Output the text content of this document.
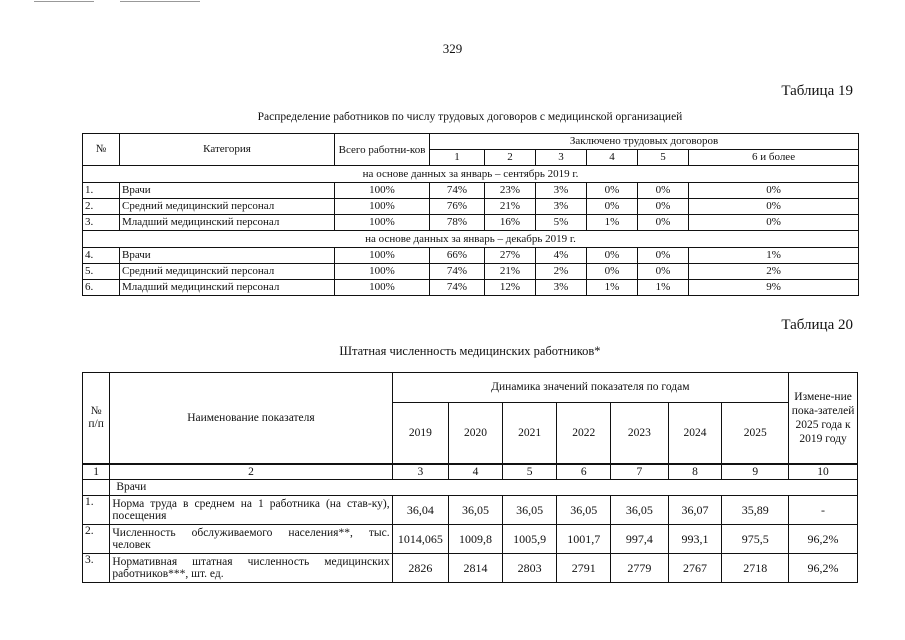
329
Таблица 19
Распределение работников по числу трудовых договоров с медицинской организацией
№	Категория	Всего работни-ков	Заключено трудовых договоров					
			1	2	3	4	5	6 и более
на основе данных за январь – сентябрь 2019 г.								
1.	Врачи	100%	74%	23%	3%	0%	0%	0%
2.	Средний медицинский персонал	100%	76%	21%	3%	0%	0%	0%
3.	Младший медицинский персонал	100%	78%	16%	5%	1%	0%	0%
на основе данных за январь – декабрь 2019 г.								
4.	Врачи	100%	66%	27%	4%	0%	0%	1%
5.	Средний медицинский персонал	100%	74%	21%	2%	0%	0%	2%
6.	Младший медицинский персонал	100%	74%	12%	3%	1%	1%	9%
Таблица 20
Штатная численность медицинских работников*
№ п/п	Наименование показателя	Динамика значений показателя по годам							Измене-ние пока-зателей 2025 года к 2019 году
		2019	2020	2021	2022	2023	2024	2025	
1	2	3	4	5	6	7	8	9	10
	Врачи								
1.	Норма труда в среднем на 1 работника (на став-ку), посещения	36,04	36,05	36,05	36,05	36,05	36,07	35,89	-
2.	Численность обслуживаемого населения**, тыс. человек	1014,065	1009,8	1005,9	1001,7	997,4	993,1	975,5	96,2%
3.	Нормативная штатная численность медицинских работников***, шт. ед.	2826	2814	2803	2791	2779	2767	2718	96,2%
